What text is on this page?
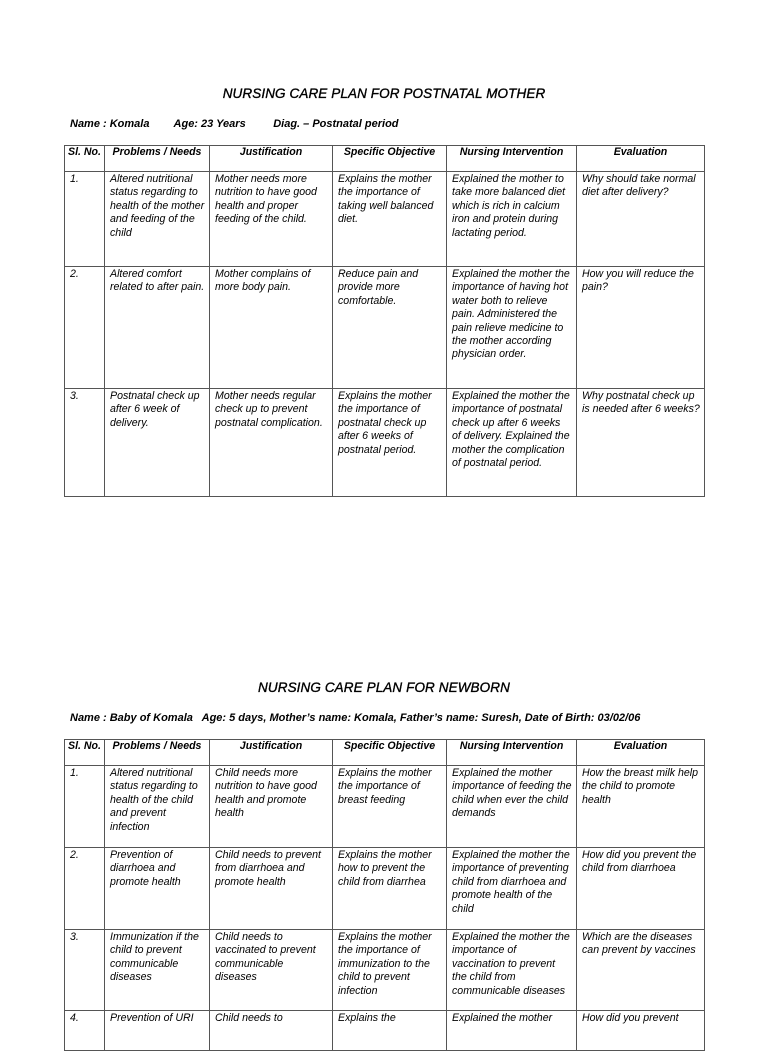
NURSING CARE PLAN FOR POSTNATAL MOTHER
Name : Komala Age: 23 Years	Diag. – Postnatal period
Sl. No.	Problems / Needs	Justification	Specific Objective	Nursing Intervention	Evaluation
1.	Altered nutritional status regarding to health of the mother and feeding of the child	Mother needs more nutrition to have good health and proper feeding of the child.	Explains the mother the importance of taking well balanced diet.	Explained the mother to take more balanced diet which is rich in calcium iron and protein during lactating period.	Why should take normal diet after delivery?
2.	Altered comfort related to after pain.	Mother complains of more body pain.	Reduce pain and provide more comfortable.	Explained the mother the importance of having hot water both to relieve pain. Administered the pain relieve medicine to the mother according physician order.	How you will reduce the pain?
3.	Postnatal check up after 6 week of delivery.	Mother needs regular check up to prevent postnatal complication.	Explains the mother the importance of postnatal check up after 6 weeks of postnatal period.	Explained the mother the importance of postnatal check up after 6 weeks of delivery. Explained the mother the complication of postnatal period.	Why postnatal check up is needed after 6 weeks?
NURSING CARE PLAN FOR NEWBORN
Name : Baby of Komala   Age: 5 days, Mother’s name: Komala, Father’s name: Suresh, Date of Birth: 03/02/06
Sl. No.	Problems / Needs	Justification	Specific Objective	Nursing Intervention	Evaluation
1.	Altered nutritional status regarding to health of the child and prevent infection	Child needs more nutrition to have good health and promote health	Explains the mother the importance of breast feeding	Explained the mother importance of feeding the child when ever the child demands	How the breast milk help the child to promote health
2.	Prevention of diarrhoea and promote health	Child needs to prevent from diarrhoea and promote health	Explains the mother how to prevent the child from diarrhea	Explained the mother the importance of preventing child from diarrhoea and promote health of the child	How did you prevent the child from diarrhoea
3.	Immunization if the child to prevent communicable diseases	Child needs to vaccinated to prevent communicable diseases	Explains the mother the importance of immunization to the child to prevent infection	Explained the mother the importance of vaccination to prevent the child from communicable diseases	Which are the diseases can prevent by vaccines
4.	Prevention of URI	Child needs to	Explains the	Explained the mother	How did you prevent
